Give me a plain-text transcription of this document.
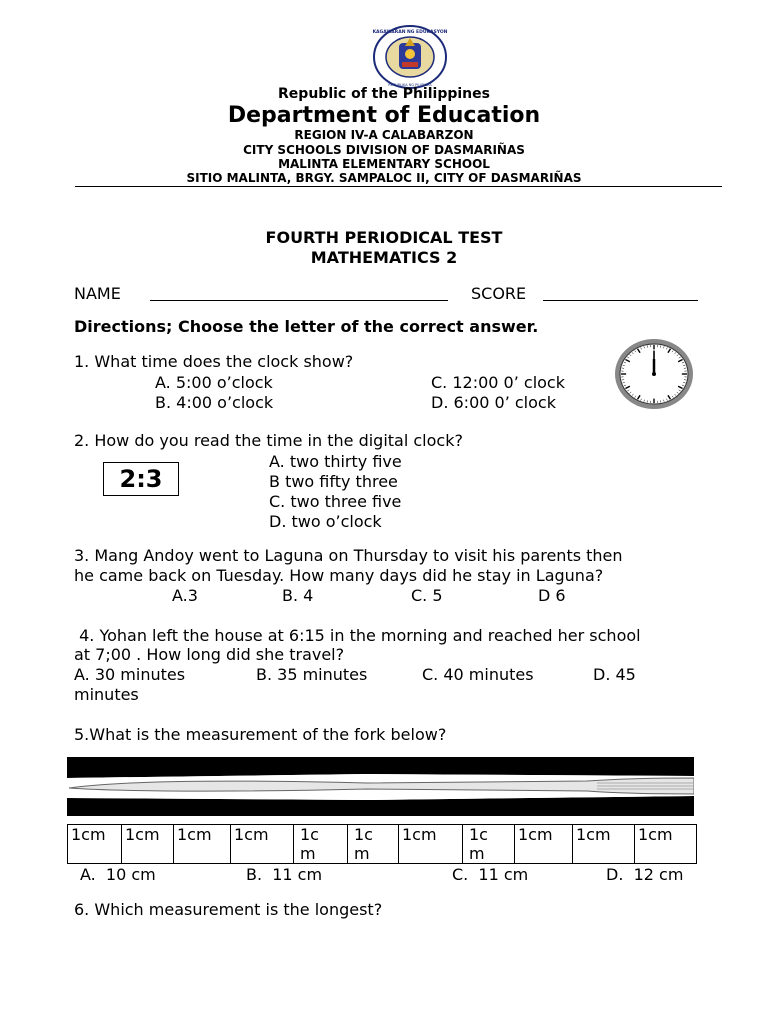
KAGAWARAN NG EDUKASYON
REPUBLIKA NG PILIPINAS
Republic of the Philippines
Department of Education
REGION IV-A CALABARZON
CITY SCHOOLS DIVISION OF DASMARIÑAS
MALINTA ELEMENTARY SCHOOL
SITIO MALINTA, BRGY. SAMPALOC II, CITY OF DASMARIÑAS
FOURTH PERIODICAL TEST
MATHEMATICS 2
NAME	SCORE
Directions; Choose the letter of the correct answer.
1. What time does the clock show?
A. 5:00 o’clock
B. 4:00 o’clock
C. 12:00 0’ clock
D. 6:00 0’ clock
2. How do you read the time in the digital clock?
2:3
A. two thirty five
B two fifty three
C. two three five
D. two o’clock
3. Mang Andoy went to Laguna on Thursday to visit his parents then
he came back on Tuesday. How many days did he stay in Laguna?
A.3	B. 4	C. 5	D 6
4. Yohan left the house at 6:15 in the morning and reached her school
at 7;00 . How long did she travel?
A. 30 minutes	B. 35 minutes	C. 40 minutes	D. 45
minutes
5.What is the measurement of the fork below?
1cm	1cm	1cm	1cm	1cm	1cm	1cm	1cm	1cm	1cm	1cm
A.  10 cm	B.  11 cm	C.  11 cm	D.  12 cm
6. Which measurement is the longest?
